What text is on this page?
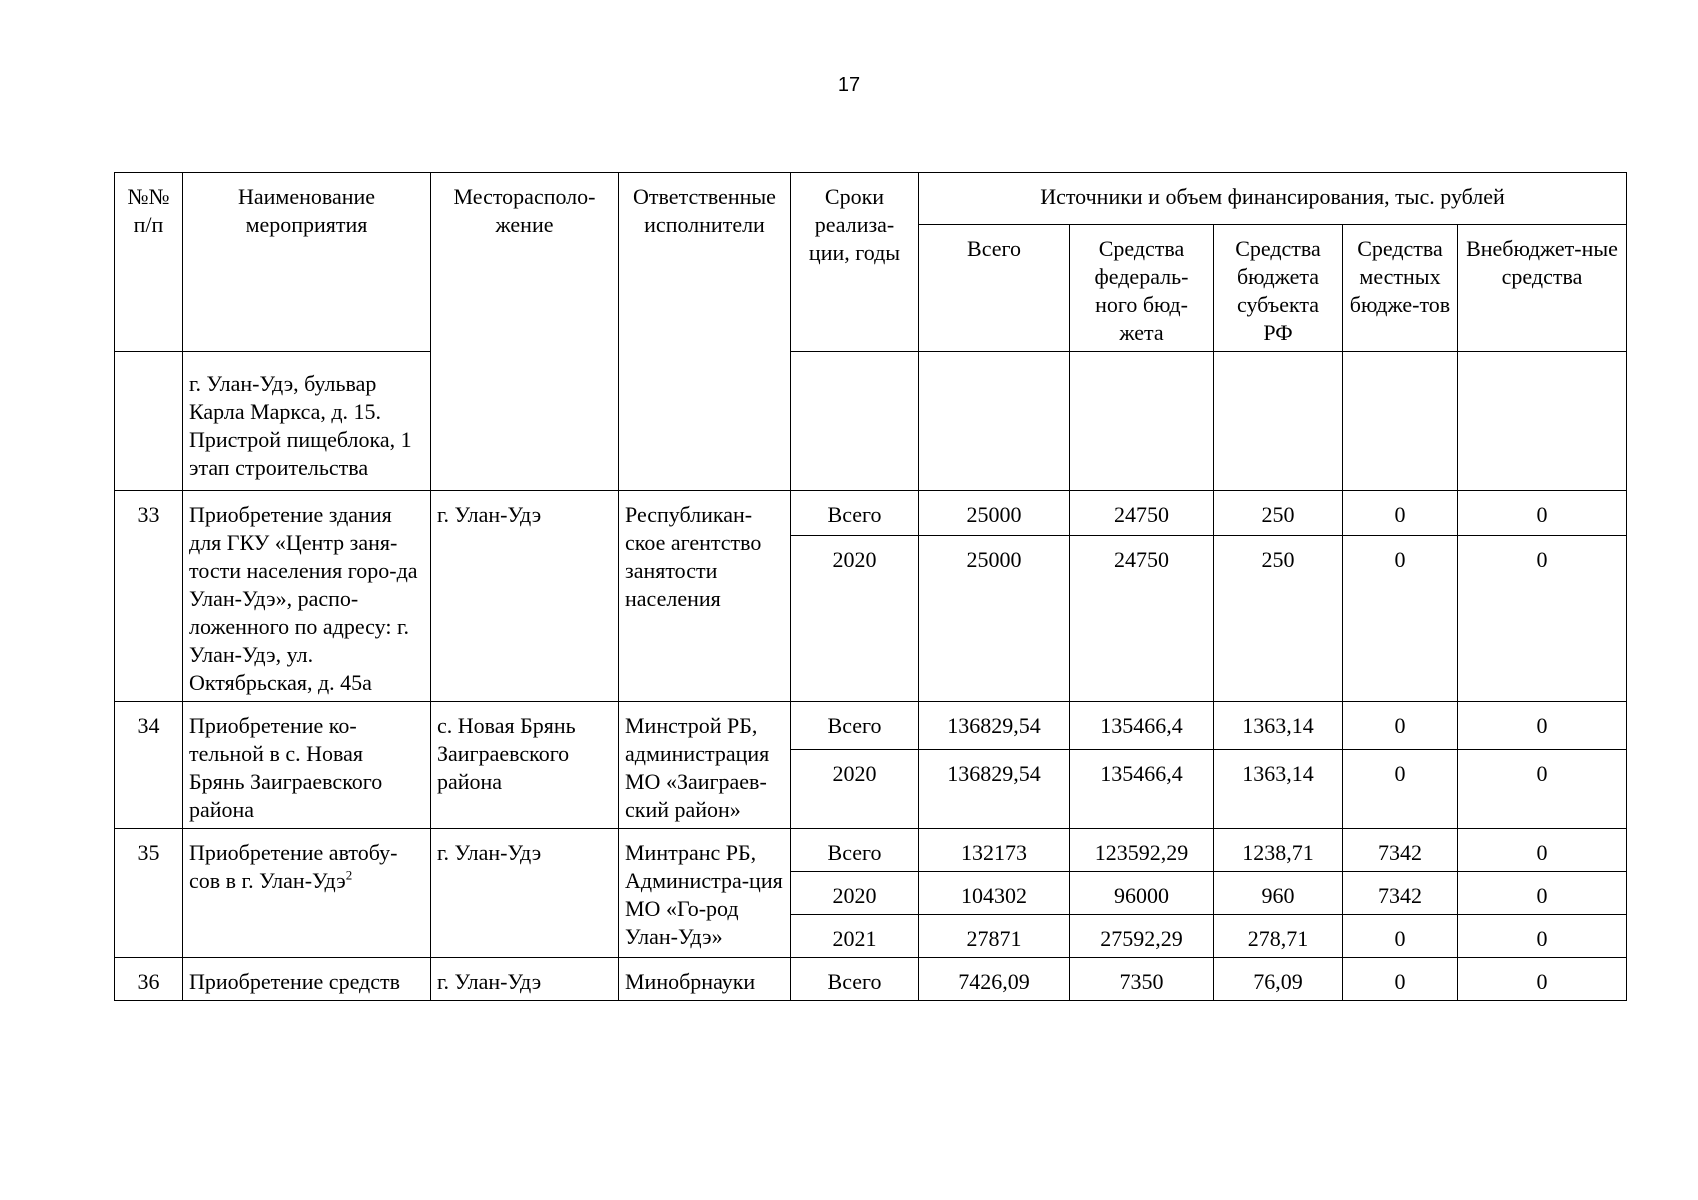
17
№№ п/п	Наименование мероприятия	Месторасполо-жение	Ответственные исполнители	Сроки реализа-ции, годы	Источники и объем финансирования, тыс. рублей				
					Всего	Средства федераль-ного бюд-жета	Средства бюджета субъекта РФ	Средства местных бюдже-тов	Внебюджет-ные средства
	г. Улан-Удэ, бульвар Карла Маркса, д. 15. Пристрой пищеблока, 1 этап строительства								
33	Приобретение здания для ГКУ «Центр заня-тости населения горо-да Улан-Удэ», распо-ложенного по адресу: г. Улан-Удэ, ул. Октябрьская, д. 45а	г. Улан-Удэ	Республикан-ское агентство занятости населения	Всего	25000	24750	250	0	0
				2020	25000	24750	250	0	0
34	Приобретение ко-тельной в с. Новая Брянь Заиграевского района	с. Новая Брянь Заиграевского района	Минстрой РБ, администрация МО «Заиграев-ский район»	Всего	136829,54	135466,4	1363,14	0	0
				2020	136829,54	135466,4	1363,14	0	0
35	Приобретение автобу-сов в г. Улан-Удэ$^2$	г. Улан-Удэ	Минтранс РБ, Администра-ция МО «Го-род Улан-Удэ»	Всего	132173	123592,29	1238,71	7342	0
				2020	104302	96000	960	7342	0
				2021	27871	27592,29	278,71	0	0
36	Приобретение средств	г. Улан-Удэ	Минобрнауки	Всего	7426,09	7350	76,09	0	0
